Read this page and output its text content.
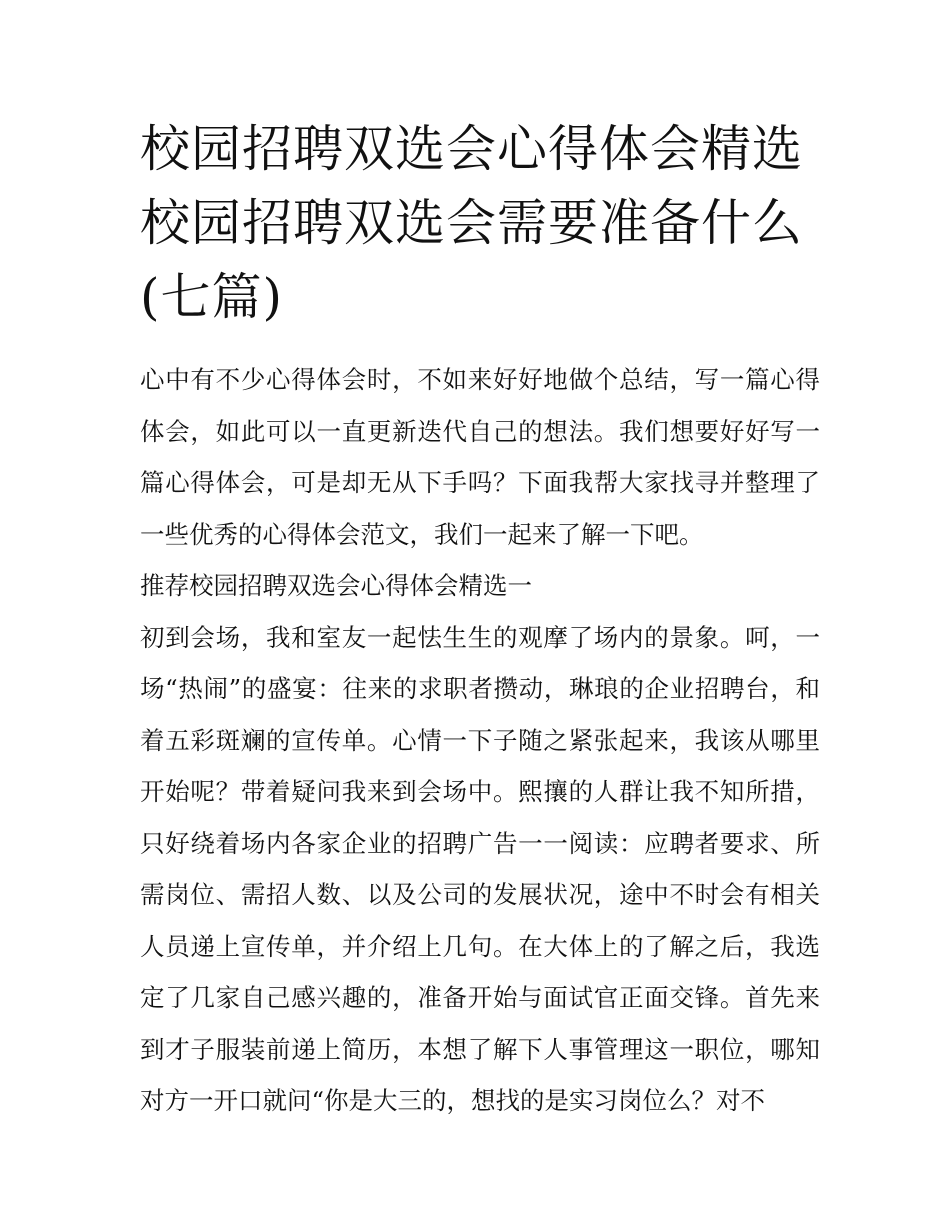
校园招聘双选会心得体会精选
校园招聘双选会需要准备什么
(七篇)

心中有不少心得体会时，不如来好好地做个总结，写一篇心得体会，如此可以一直更新迭代自己的想法。我们想要好好写一篇心得体会，可是却无从下手吗？下面我帮大家找寻并整理了一些优秀的心得体会范文，我们一起来了解一下吧。

推荐校园招聘双选会心得体会精选一

初到会场，我和室友一起怯生生的观摩了场内的景象。呵，一场“热闹”的盛宴：往来的求职者攒动，琳琅的企业招聘台，和着五彩斑斓的宣传单。心情一下子随之紧张起来，我该从哪里开始呢？带着疑问我来到会场中。熙攘的人群让我不知所措，只好绕着场内各家企业的招聘广告一一阅读：应聘者要求、所需岗位、需招人数、以及公司的发展状况，途中不时会有相关人员递上宣传单，并介绍上几句。在大体上的了解之后，我选定了几家自己感兴趣的，准备开始与面试官正面交锋。首先来到才子服装前递上简历，本想了解下人事管理这一职位，哪知对方一开口就问“你是大三的，想找的是实习岗位么？对不
